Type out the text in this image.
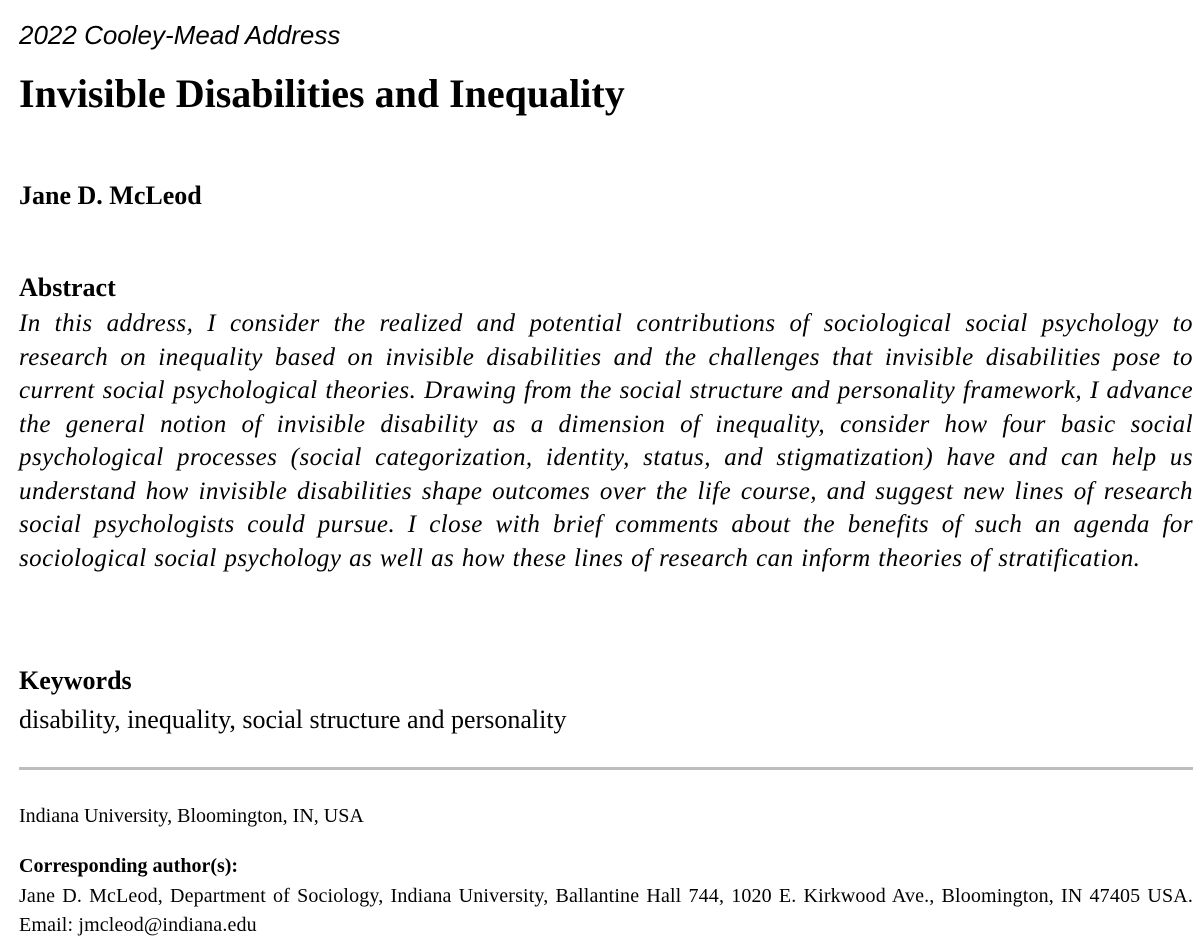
2022 Cooley-Mead Address
Invisible Disabilities and Inequality
Jane D. McLeod
Abstract

In this address, I consider the realized and potential contributions of sociological social psychology to research on inequality based on invisible disabilities and the challenges that invisible disabilities pose to current social psychological theories. Drawing from the social structure and personality framework, I advance the general notion of invisible disability as a dimension of inequality, consider how four basic social psychological processes (social categorization, identity, status, and stigmatization) have and can help us understand how invisible disabilities shape outcomes over the life course, and suggest new lines of research social psychologists could pursue. I close with brief comments about the benefits of such an agenda for sociological social psychology as well as how these lines of research can inform theories of stratification.

Keywords
disability, inequality, social structure and personality
Indiana University, Bloomington, IN, USA
Corresponding author(s):

Jane D. McLeod, Department of Sociology, Indiana University, Ballantine Hall 744, 1020 E. Kirkwood Ave., Bloomington, IN 47405 USA. Email: jmcleod@indiana.edu
